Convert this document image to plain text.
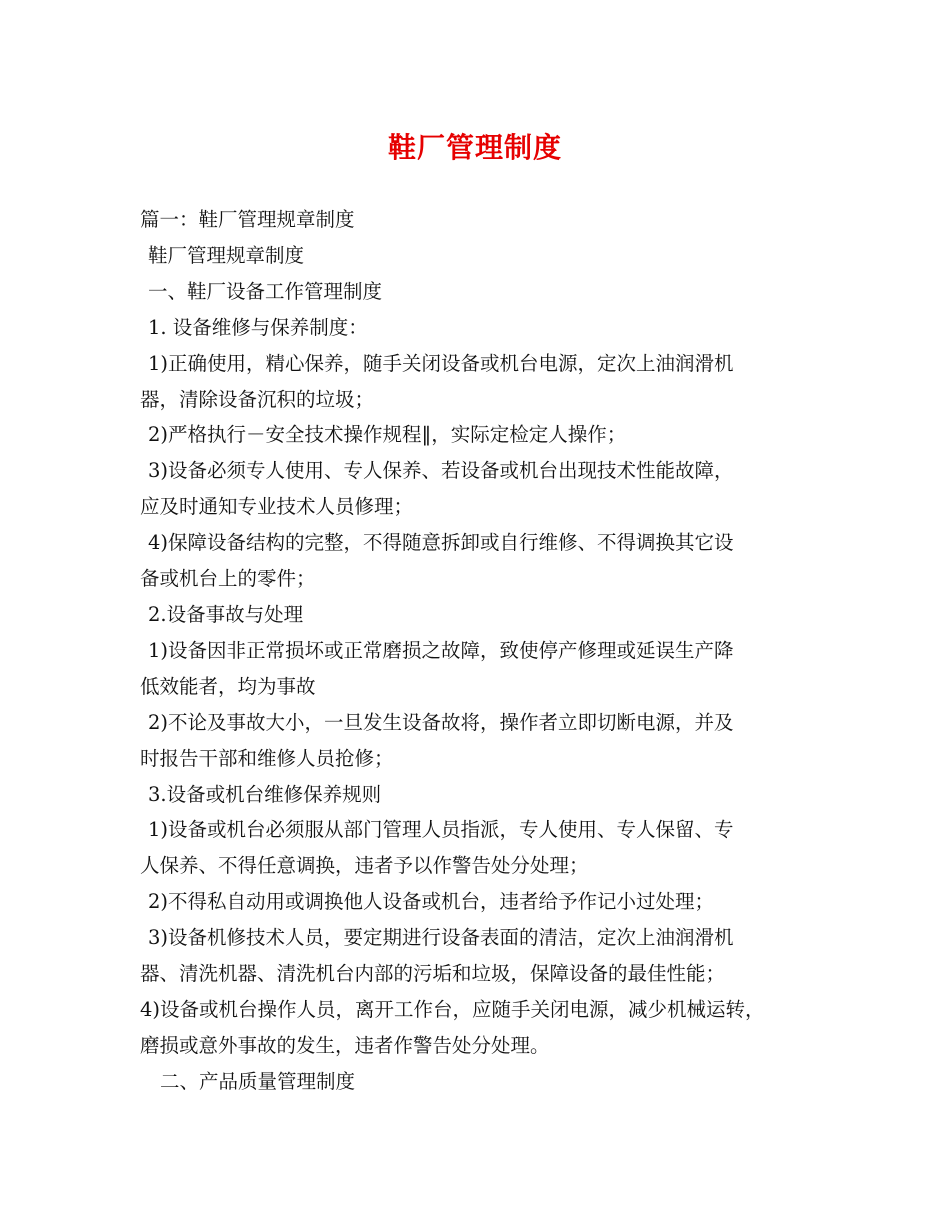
鞋厂管理制度

篇一：鞋厂管理规章制度

鞋厂管理规章制度

一、鞋厂设备工作管理制度

1. 设备维修与保养制度：

1)正确使用，精心保养，随手关闭设备或机台电源，定次上油润滑机

器，清除设备沉积的垃圾；

2)严格执行－安全技术操作规程‖，实际定检定人操作；

3)设备必须专人使用、专人保养、若设备或机台出现技术性能故障，

应及时通知专业技术人员修理；

4)保障设备结构的完整，不得随意拆卸或自行维修、不得调换其它设

备或机台上的零件；

2.设备事故与处理

1)设备因非正常损坏或正常磨损之故障，致使停产修理或延误生产降

低效能者，均为事故

2)不论及事故大小，一旦发生设备故将，操作者立即切断电源，并及

时报告干部和维修人员抢修；

3.设备或机台维修保养规则

1)设备或机台必须服从部门管理人员指派，专人使用、专人保留、专

人保养、不得任意调换，违者予以作警告处分处理；

2)不得私自动用或调换他人设备或机台，违者给予作记小过处理；

3)设备机修技术人员，要定期进行设备表面的清洁，定次上油润滑机

器、清洗机器、清洗机台内部的污垢和垃圾，保障设备的最佳性能；

4)设备或机台操作人员，离开工作台，应随手关闭电源，减少机械运转，

磨损或意外事故的发生，违者作警告处分处理。

二、产品质量管理制度
